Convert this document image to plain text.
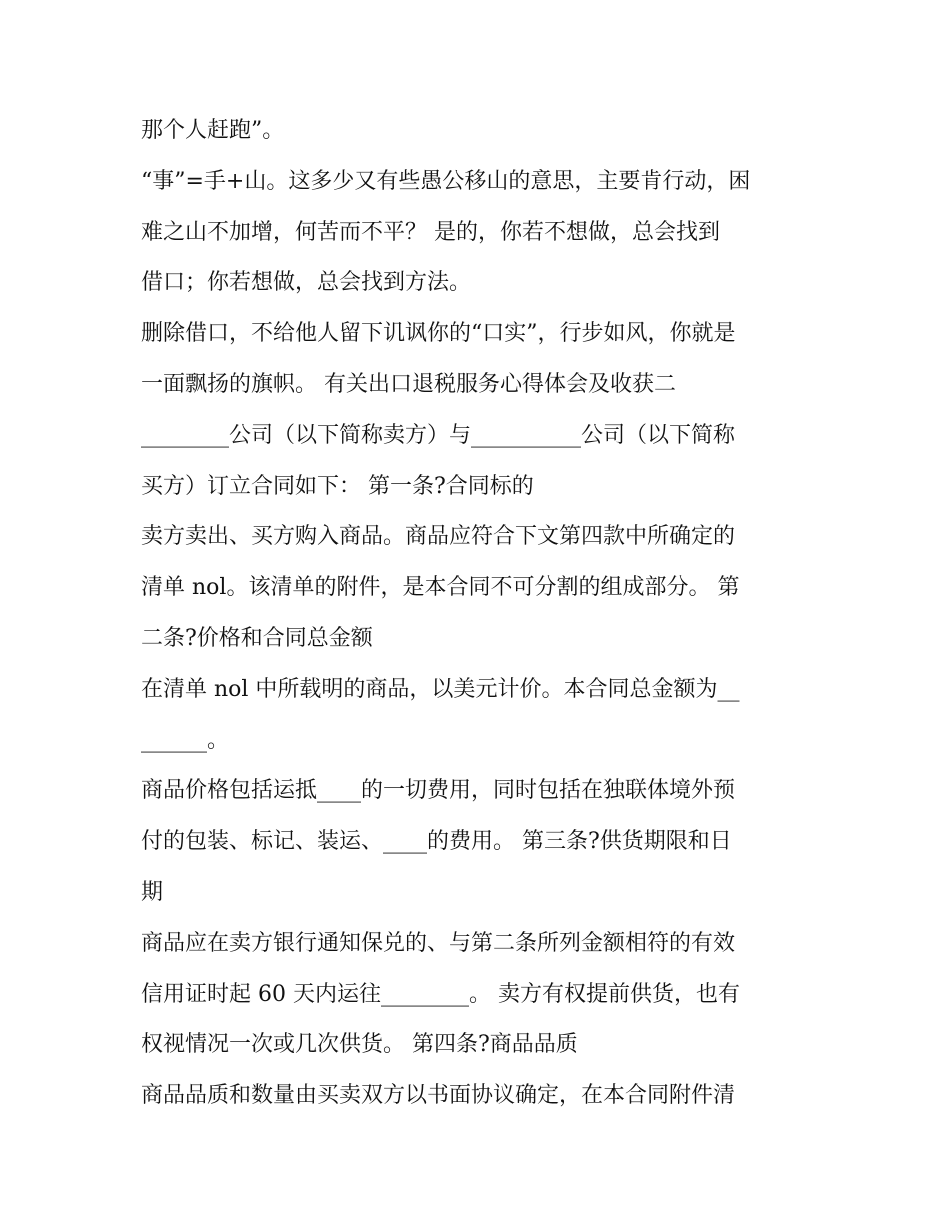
那个人赶跑”。
“事”=手+山。这多少又有些愚公移山的意思，主要肯行动，困
难之山不加增，何苦而不平？ 是的，你若不想做，总会找到
借口；你若想做，总会找到方法。
删除借口，不给他人留下讥讽你的“口实”，行步如风，你就是
一面飘扬的旗帜。 有关出口退税服务心得体会及收获二
________公司（以下简称卖方）与__________公司（以下简称
买方）订立合同如下： 第一条?合同标的
卖方卖出、买方购入商品。商品应符合下文第四款中所确定的
清单 nol。该清单的附件，是本合同不可分割的组成部分。 第
二条?价格和合同总金额
在清单 nol 中所载明的商品，以美元计价。本合同总金额为__
______。
商品价格包括运抵____的一切费用，同时包括在独联体境外预
付的包装、标记、装运、____的费用。 第三条?供货期限和日
期
商品应在卖方银行通知保兑的、与第二条所列金额相符的有效
信用证时起 60 天内运往________。 卖方有权提前供货，也有
权视情况一次或几次供货。 第四条?商品品质
商品品质和数量由买卖双方以书面协议确定，在本合同附件清
